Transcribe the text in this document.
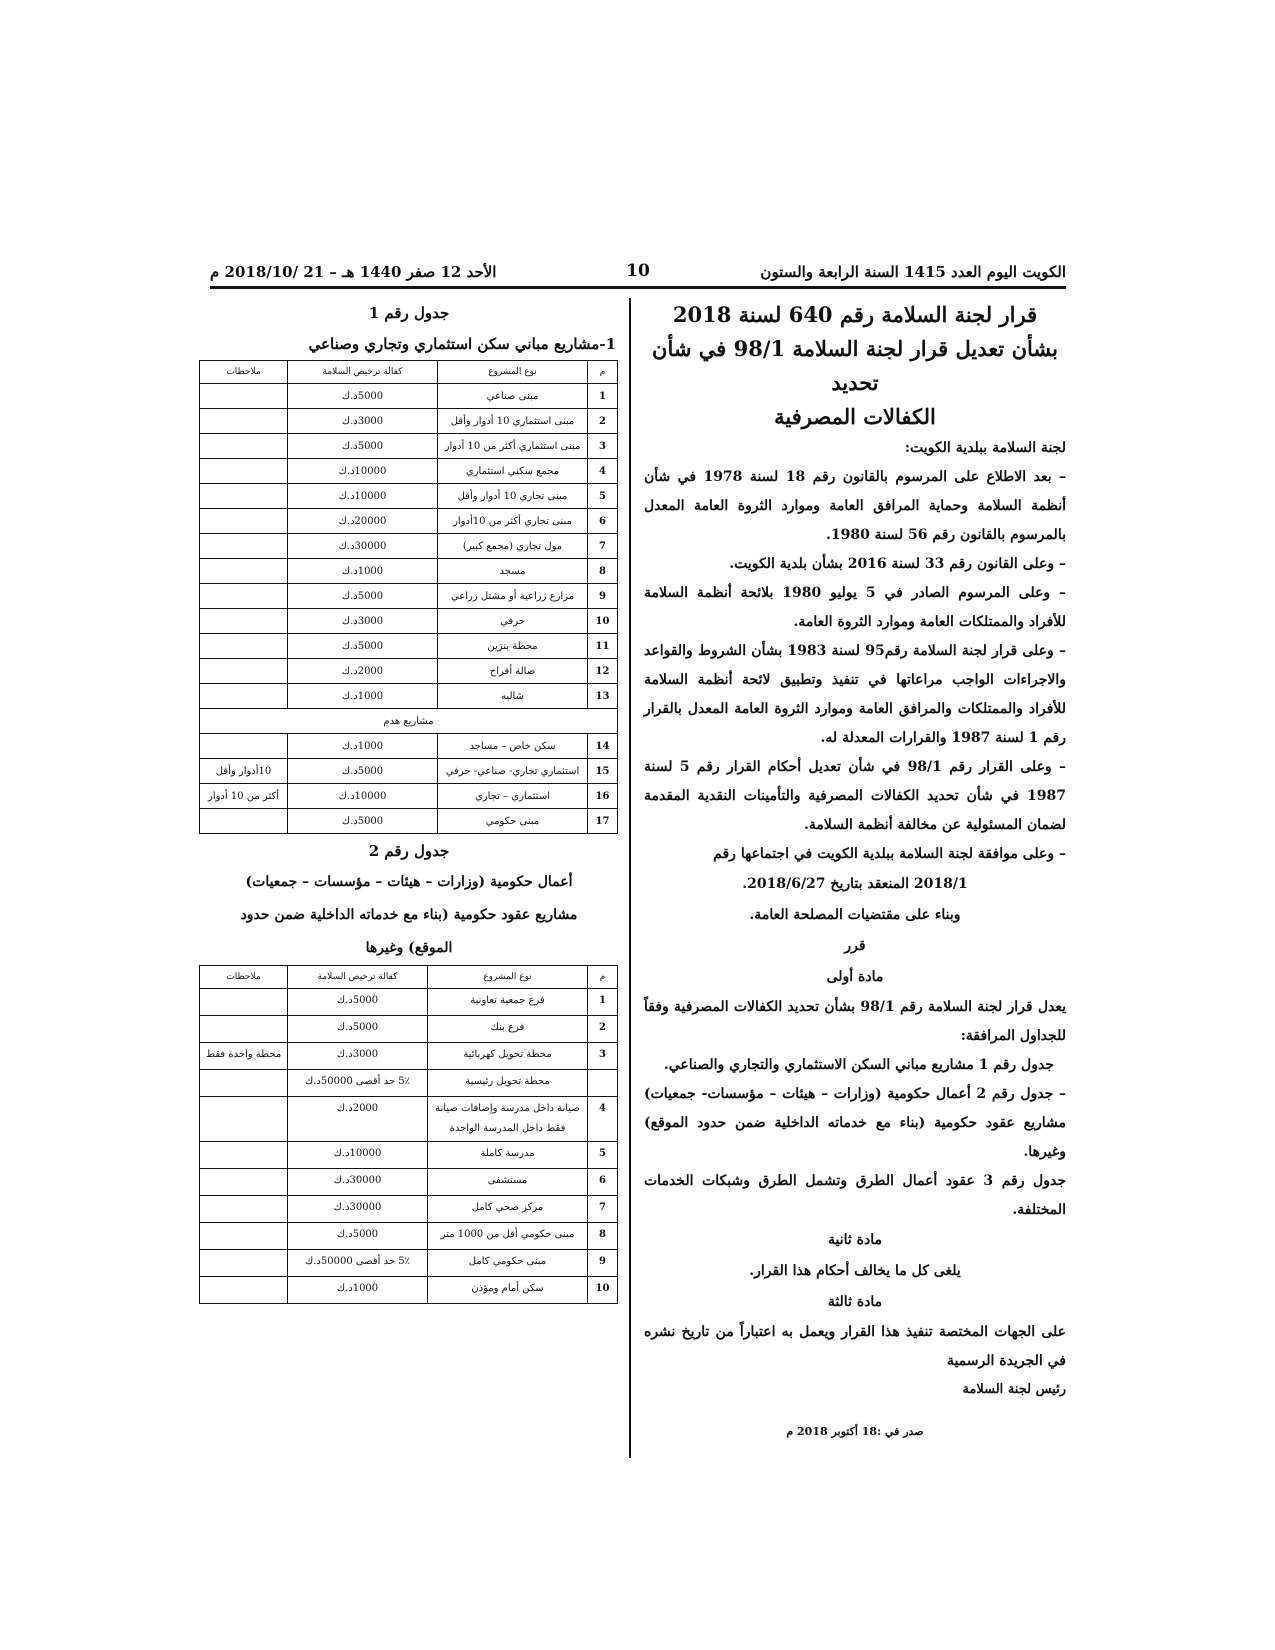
الكويت اليوم العدد 1415 السنة الرابعة والستون
10
الأحد 12 صفر 1440 هـ – 21 /2018/10 م

قرار لجنة السلامة رقم 640 لسنة 2018

بشأن تعديل قرار لجنة السلامة 98/1 في شأن تحديد

الكفالات المصرفية

لجنة السلامة ببلدية الكويت:

– بعد الاطلاع على المرسوم بالقانون رقم 18 لسنة 1978 في شأن أنظمة السلامة وحماية المرافق العامة وموارد الثروة العامة المعدل بالمرسوم بالقانون رقم 56 لسنة 1980.

– وعلى القانون رقم 33 لسنة 2016 بشأن بلدية الكويت.

– وعلى المرسوم الصادر في 5 يوليو 1980 بلائحة أنظمة السلامة للأفراد والممتلكات العامة وموارد الثروة العامة.

– وعلى قرار لجنة السلامة رقم95 لسنة 1983 بشأن الشروط والقواعد والاجراءات الواجب مراعاتها في تنفيذ وتطبيق لائحة أنظمة السلامة للأفراد والممتلكات والمرافق العامة وموارد الثروة العامة المعدل بالقرار رقم 1 لسنة 1987 والقرارات المعدلة له.

– وعلى القرار رقم 98/1 في شأن تعديل أحكام القرار رقم 5 لسنة 1987 في شأن تحديد الكفالات المصرفية والتأمينات النقدية المقدمة لضمان المسئولية عن مخالفة أنظمة السلامة.

– وعلى موافقة لجنة السلامة ببلدية الكويت في اجتماعها رقم

2018/1 المنعقد بتاريخ 2018/6/27.

وبناء على مقتضيات المصلحة العامة.

قرر

مادة أولى

يعدل قرار لجنة السلامة رقم 98/1 بشأن تحديد الكفالات المصرفية وفقاً للجداول المرافقة:

جدول رقم 1 مشاريع مباني السكن الاستثماري والتجاري والصناعي.

– جدول رقم 2 أعمال حكومية (وزارات – هيئات – مؤسسات- جمعيات) مشاريع عقود حكومية (بناء مع خدماته الداخلية ضمن حدود الموقع) وغيرها.

جدول رقم 3 عقود أعمال الطرق وتشمل الطرق وشبكات الخدمات المختلفة.

مادة ثانية

يلغى كل ما يخالف أحكام هذا القرار.

مادة ثالثة

على الجهات المختصة تنفيذ هذا القرار ويعمل به اعتباراً من تاريخ نشره في الجريدة الرسمية

رئيس لجنة السلامة

صدر في :18 أكتوبر 2018 م

جدول رقم 1

1-مشاريع مباني سكن استثماري وتجاري وصناعي

م	نوع المشروع	كفالة ترخيص السلامة	ملاحظات
1	مبنى صناعي	5000د.ك	
2	مبنى استثماري 10 أدوار وأقل	3000د.ك	
3	مبنى استثماري أكثر من 10 أدوار	5000د.ك	
4	مجمع سكني استثماري	10000د.ك	
5	مبنى تجاري 10 أدوار وأقل	10000د.ك	
6	مبنى تجاري أكثر من 10أدوار	20000د.ك	
7	مول تجاري (مجمع كبير)	30000د.ك	
8	مسجد	1000د.ك	
9	مزارع زراعية أو مشتل زراعي	5000د.ك	
10	حرفي	3000د.ك	
11	محطة بنزين	5000د.ك	
12	صالة أفراح	2000د.ك	
13	شاليه	1000د.ك	
مشاريع هدم			
14	سكن خاص – مساجد	1000د.ك	
15	استثماري تجاري- صناعي- حرفي	5000د.ك	10أدوار وأقل
16	استثماري – تجاري	10000د.ك	أكثر من 10 أدوار
17	مبنى حكومي	5000د.ك	

جدول رقم 2

أعمال حكومية (وزارات – هيئات – مؤسسات – جمعيات)

مشاريع عقود حكومية (بناء مع خدماته الداخلية ضمن حدود

الموقع) وغيرها

م	نوع المشروع	كفالة ترخيص السلامة	ملاحظات
1	فرع جمعية تعاونية	5000د.ك	
2	فرع بنك	5000د.ك	
3	محطة تحويل كهربائية	3000د.ك	محطة واحدة فقط
	محطة تحويل رئيسية	5٪ حد أقصى 50000د.ك	
4	صيانة داخل مدرسة وإضافات صيانة فقط داخل المدرسة الواحدة	2000د.ك	
5	مدرسة كاملة	10000د.ك	
6	مستشفى	30000د.ك	
7	مركز صحي كامل	30000د.ك	
8	مبنى حكومي أقل من 1000 متر	5000د.ك	
9	مبنى حكومي كامل	5٪ حد أقصى 50000د.ك	
10	سكن أمام ومؤذن	1000د.ك	
